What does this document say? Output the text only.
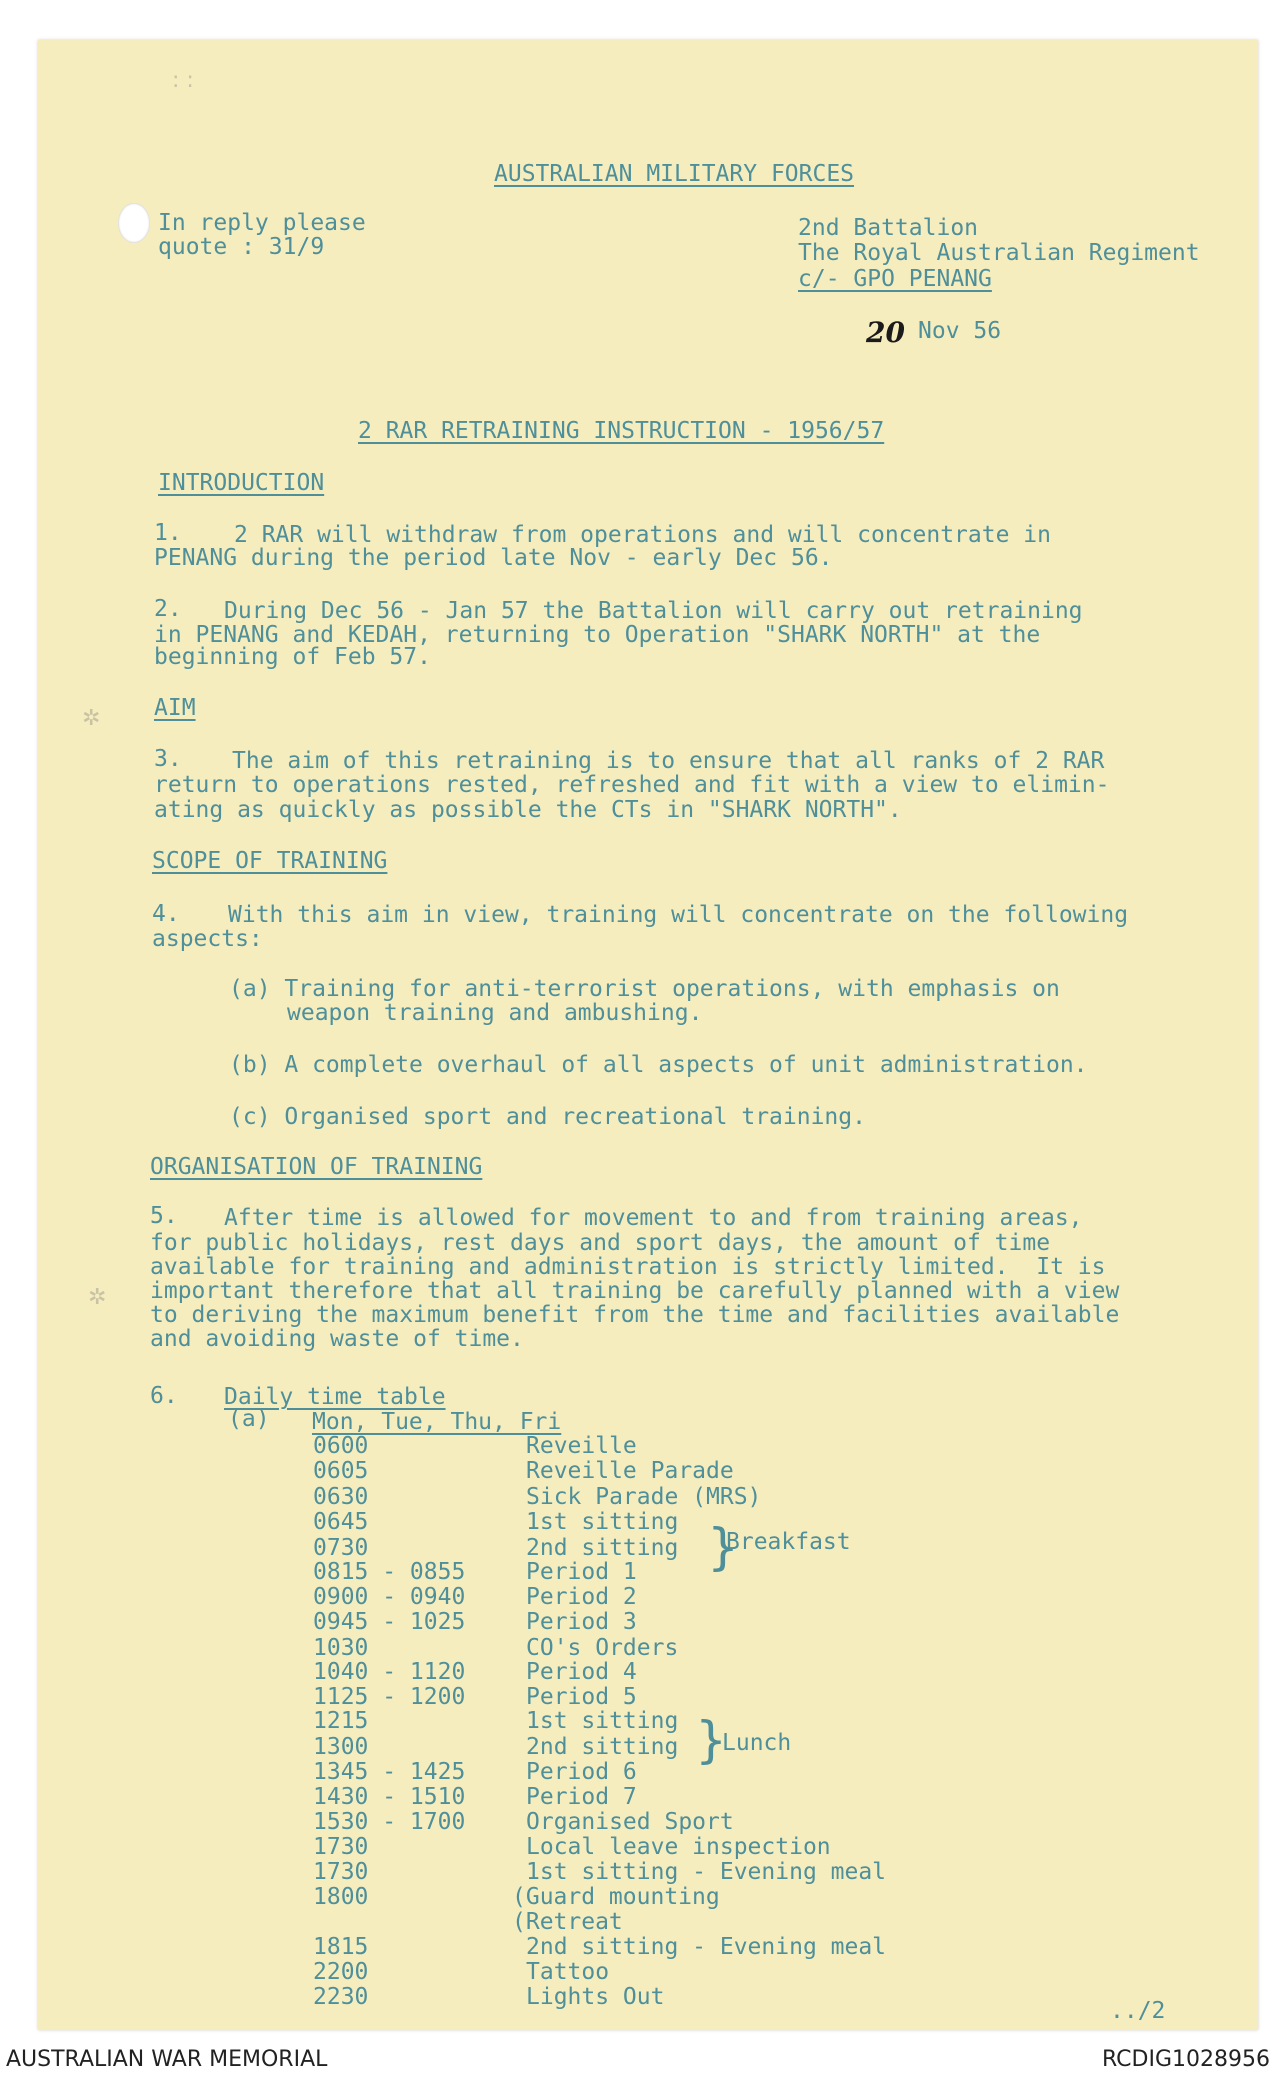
: :
✲
✲
AUSTRALIAN MILITARY FORCES
In reply please
quote : 31/9
2nd Battalion
The Royal Australian Regiment
c/- GPO PENANG
20 Nov 56
2 RAR RETRAINING INSTRUCTION - 1956/57
INTRODUCTION
1. 2 RAR will withdraw from operations and will concentrate in
PENANG during the period late Nov - early Dec 56.
2. During Dec 56 - Jan 57 the Battalion will carry out retraining
in PENANG and KEDAH, returning to Operation "SHARK NORTH" at the
beginning of Feb 57.
AIM
3. The aim of this retraining is to ensure that all ranks of 2 RAR
return to operations rested, refreshed and fit with a view to elimin-
ating as quickly as possible the CTs in "SHARK NORTH".
SCOPE OF TRAINING
4. With this aim in view, training will concentrate on the following
aspects:
(a) Training for anti-terrorist operations, with emphasis on
weapon training and ambushing.
(b) A complete overhaul of all aspects of unit administration.
(c) Organised sport and recreational training.
ORGANISATION OF TRAINING
5. After time is allowed for movement to and from training areas,
for public holidays, rest days and sport days, the amount of time
available for training and administration is strictly limited.  It is
important therefore that all training be carefully planned with a view
to deriving the maximum benefit from the time and facilities available
and avoiding waste of time.
6. Daily time table
(a) Mon, Tue, Thu, Fri
0600	Reveille
0605	Reveille Parade
0630	Sick Parade (MRS)
0645	1st sitting
0730	2nd sitting
0815 - 0855	Period 1
0900 - 0940	Period 2
0945 - 1025	Period 3
1030	CO's Orders
1040 - 1120	Period 4
1125 - 1200	Period 5
1215	1st sitting
1300	2nd sitting
1345 - 1425	Period 6
1430 - 1510	Period 7
1530 - 1700	Organised Sport
1730	Local leave inspection
1730	1st sitting - Evening meal
1800	(Guard mounting
(Retreat
1815	2nd sitting - Evening meal
2200	Tattoo
2230	Lights Out
}
Breakfast
}
Lunch
../2
AUSTRALIAN WAR MEMORIAL	RCDIG1028956
